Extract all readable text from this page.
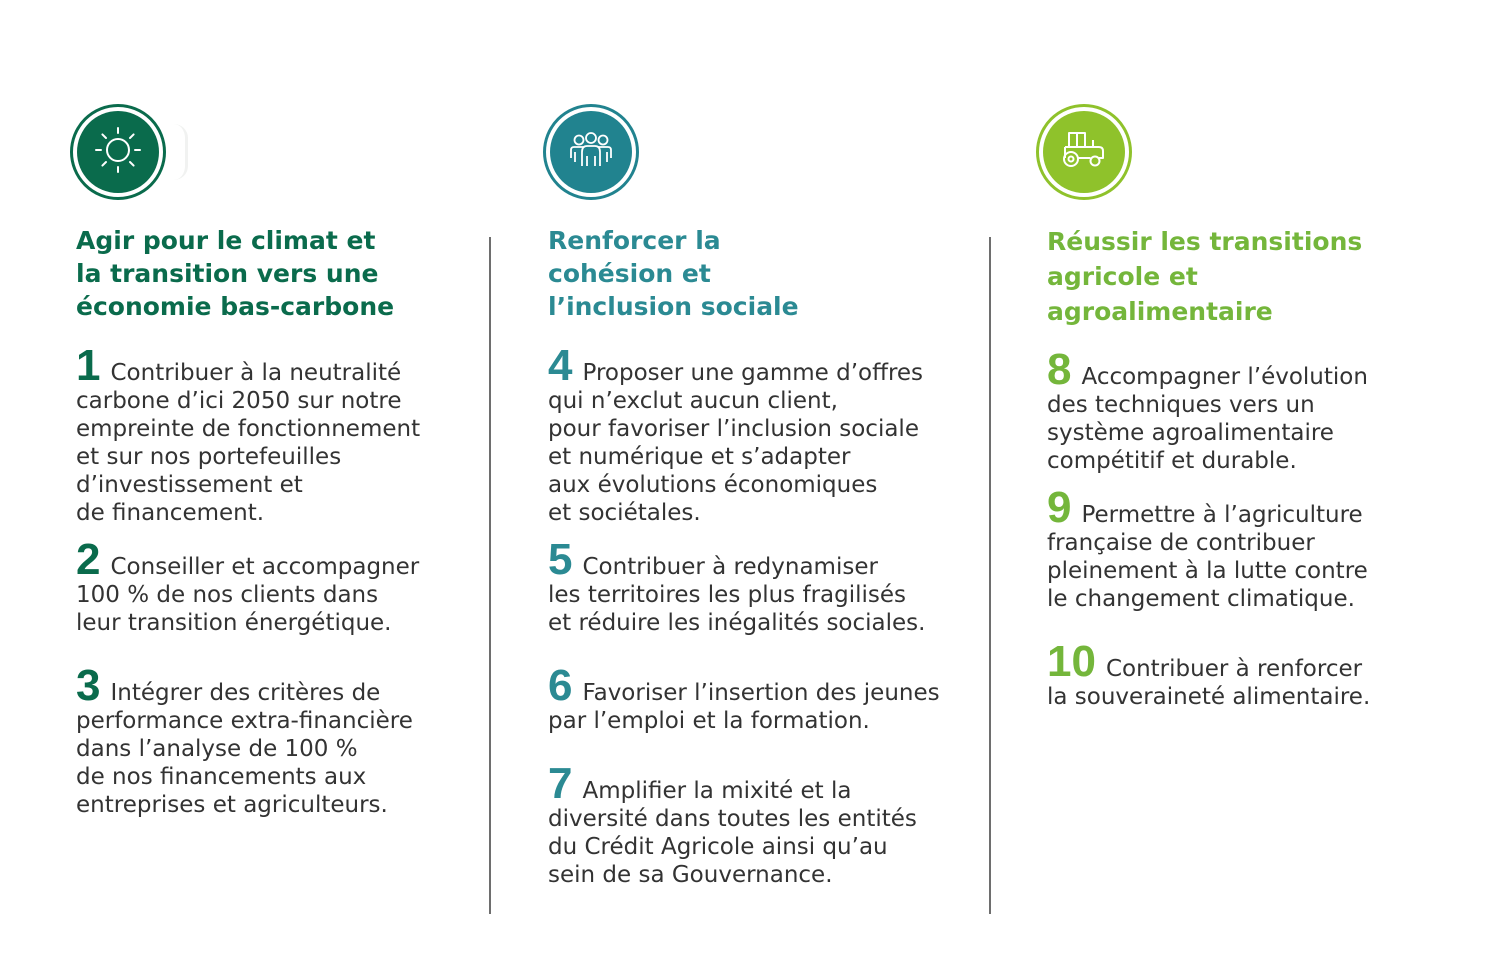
Agir pour le climat et
la transition vers une
économie bas-carbone
1 Contribuer à la neutralité
carbone d’ici 2050 sur notre
empreinte de fonctionnement
et sur nos portefeuilles
d’investissement et
de financement.
2 Conseiller et accompagner
100 % de nos clients dans
leur transition énergétique.
3 Intégrer des critères de
performance extra-financière
dans l’analyse de 100 %
de nos financements aux
entreprises et agriculteurs.
Renforcer la
cohésion et
l’inclusion sociale
4 Proposer une gamme d’offres
qui n’exclut aucun client,
pour favoriser l’inclusion sociale
et numérique et s’adapter
aux évolutions économiques
et sociétales.
5 Contribuer à redynamiser
les territoires les plus fragilisés
et réduire les inégalités sociales.
6 Favoriser l’insertion des jeunes
par l’emploi et la formation.
7 Amplifier la mixité et la
diversité dans toutes les entités
du Crédit Agricole ainsi qu’au
sein de sa Gouvernance.
Réussir les transitions
agricole et
agroalimentaire
8 Accompagner l’évolution
des techniques vers un
système agroalimentaire
compétitif et durable.
9 Permettre à l’agriculture
française de contribuer
pleinement à la lutte contre
le changement climatique.
10 Contribuer à renforcer
la souveraineté alimentaire.
